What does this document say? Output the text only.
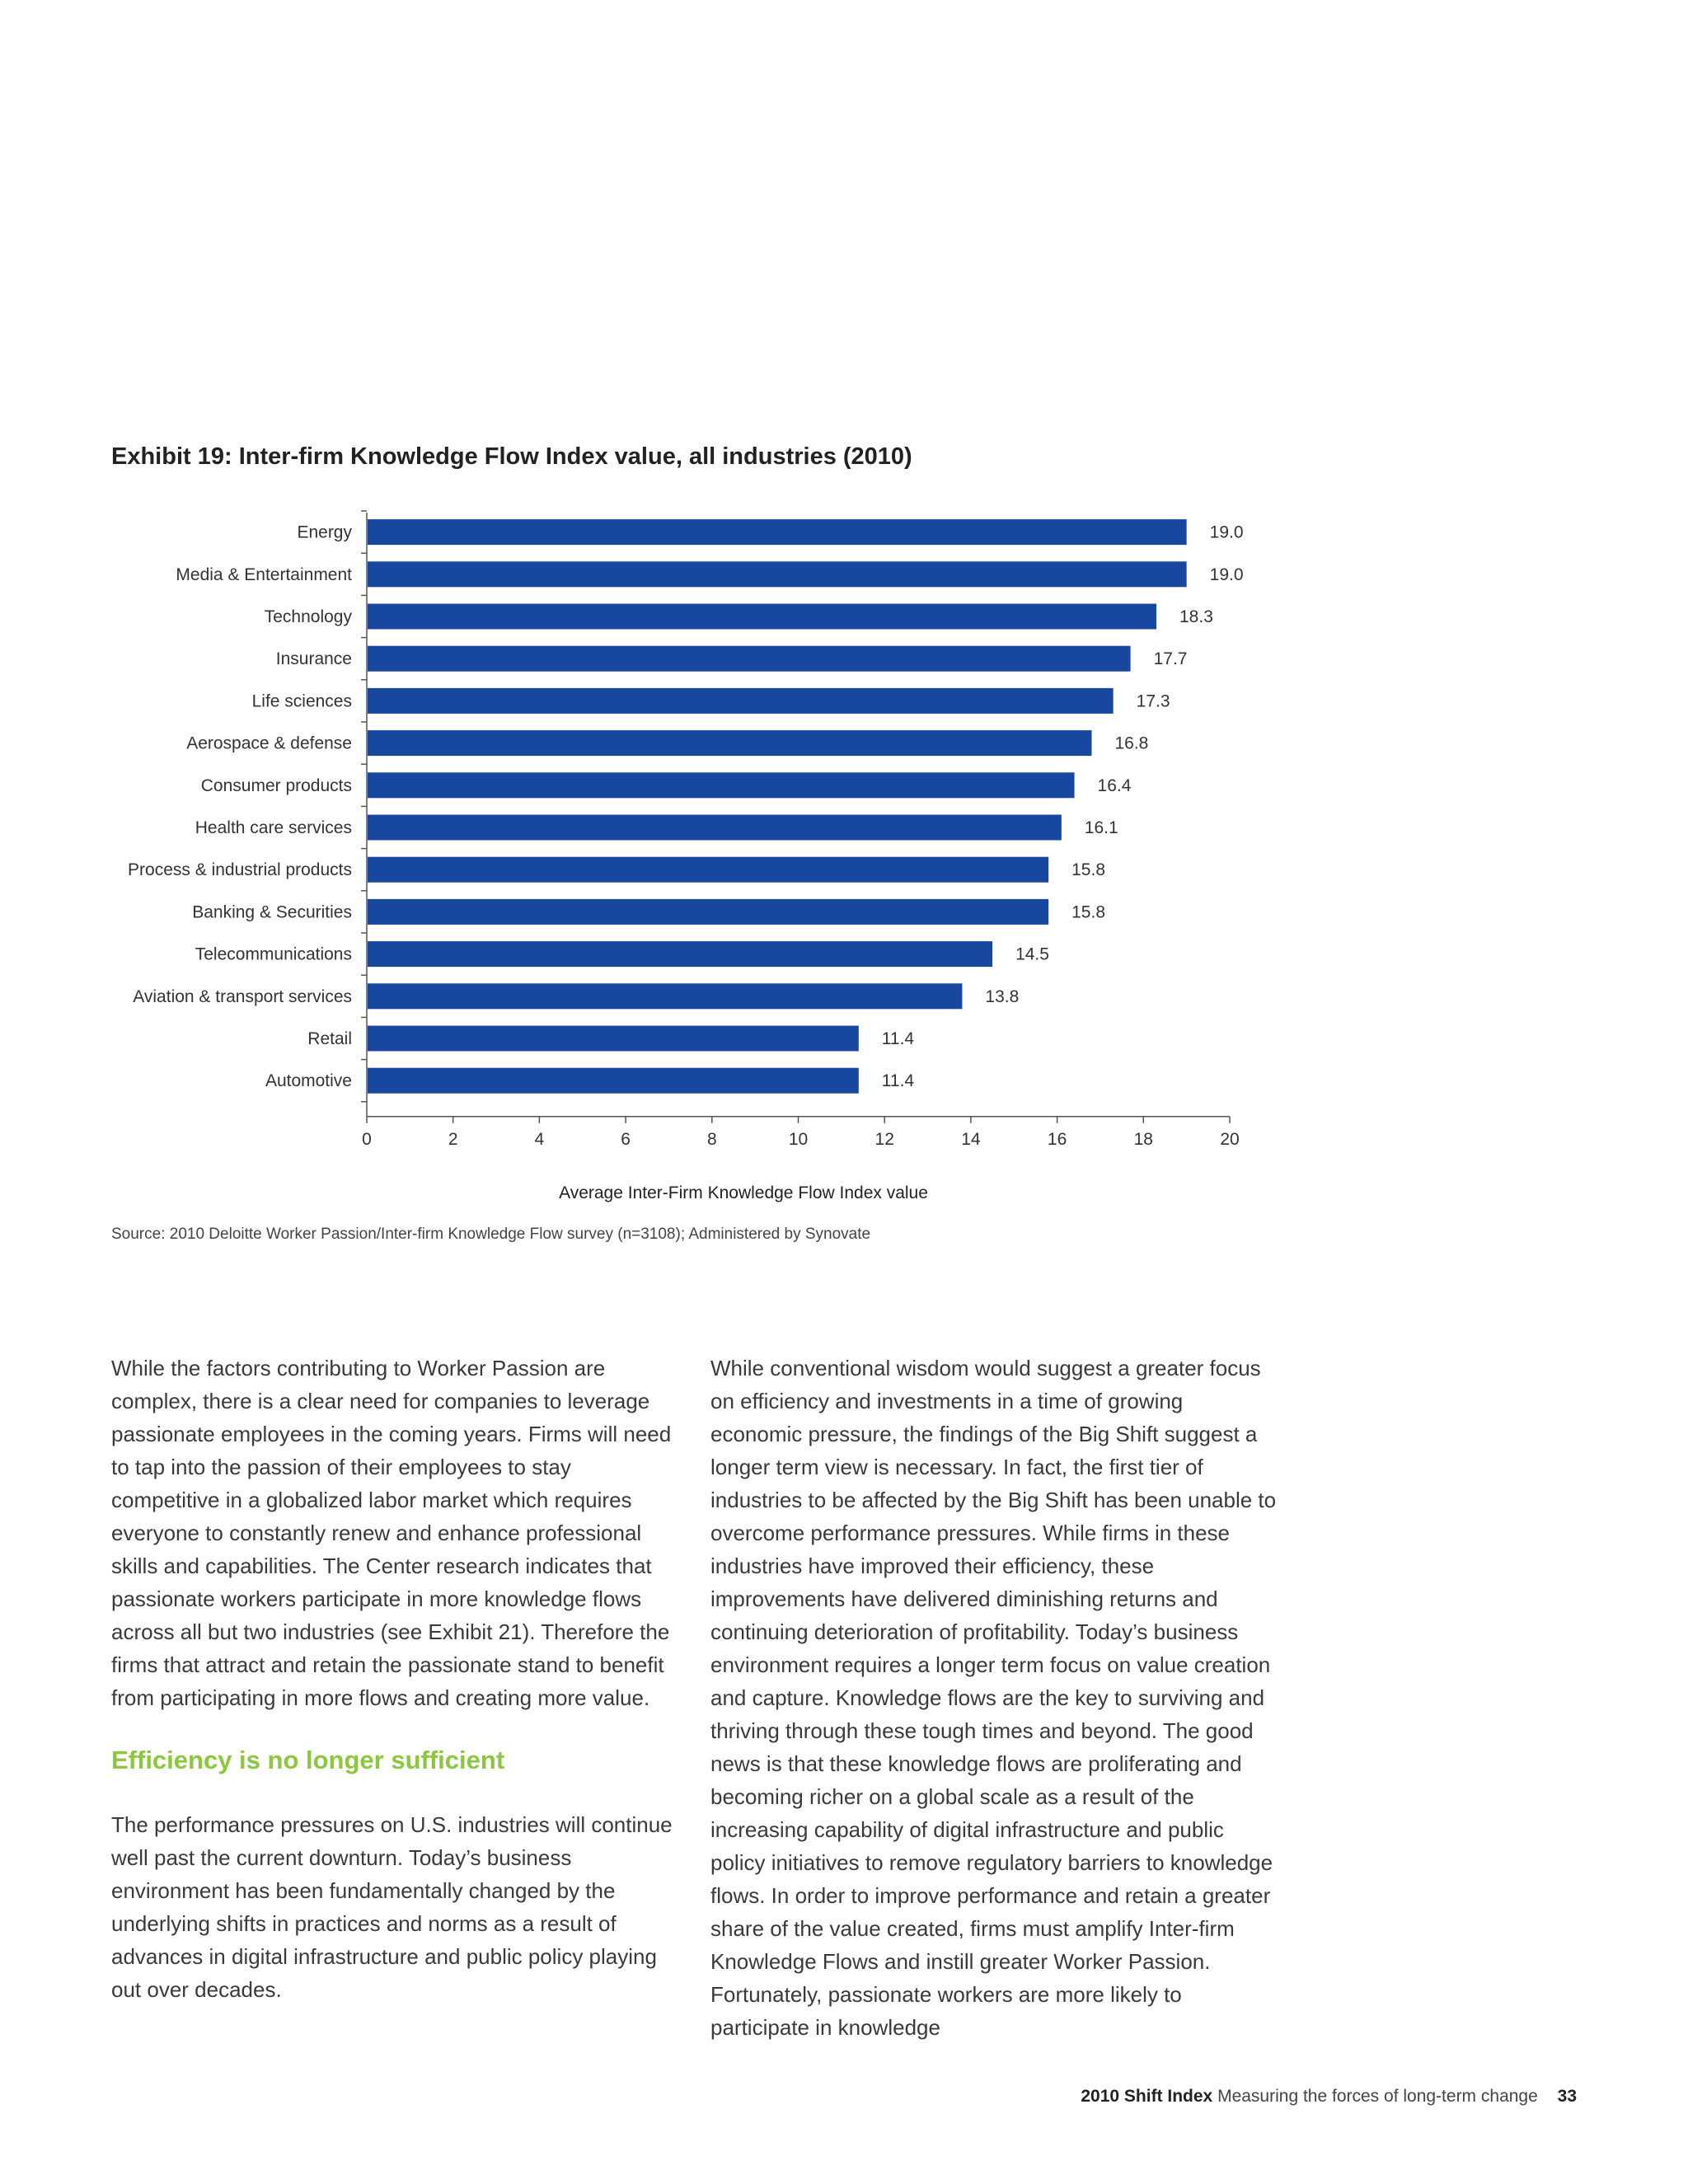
Exhibit 19: Inter-firm Knowledge Flow Index value, all industries (2010)
Energy	19.0
Media & Entertainment	19.0
Technology	18.3
Insurance	17.7
Life sciences	17.3
Aerospace & defense	16.8
Consumer products	16.4
Health care services	16.1
Process & industrial products	15.8
Banking & Securities	15.8
Telecommunications	14.5
Aviation & transport services	13.8
Retail	11.4
Automotive	11.4
0	2	4	6	8	10	12	14	16	18	20
Average Inter-Firm Knowledge Flow Index value

Source: 2010 Deloitte Worker Passion/Inter-firm Knowledge Flow survey (n=3108); Administered by Synovate

While the factors contributing to Worker Passion are complex, there is a clear need for companies to leverage passionate employees in the coming years. Firms will need to tap into the passion of their employees to stay competitive in a globalized labor market which requires everyone to constantly renew and enhance professional skills and capabilities. The Center research indicates that passionate workers participate in more knowledge flows across all but two industries (see Exhibit 21). Therefore the firms that attract and retain the passionate stand to benefit from participating in more flows and creating more value.

Efficiency is no longer sufficient

The performance pressures on U.S. industries will continue well past the current downturn. Today’s business environment has been fundamentally changed by the underlying shifts in practices and norms as a result of advances in digital infrastructure and public policy playing out over decades.

While conventional wisdom would suggest a greater focus on efficiency and investments in a time of growing economic pressure, the findings of the Big Shift suggest a longer term view is necessary. In fact, the first tier of industries to be affected by the Big Shift has been unable to overcome performance pressures. While firms in these industries have improved their efficiency, these improvements have delivered diminishing returns and continuing deterioration of profitability. Today’s business environment requires a longer term focus on value creation and capture. Knowledge flows are the key to surviving and thriving through these tough times and beyond. The good news is that these knowledge flows are proliferating and becoming richer on a global scale as a result of the increasing capability of digital infrastructure and public policy initiatives to remove regulatory barriers to knowledge flows. In order to improve performance and retain a greater share of the value created, firms must amplify Inter-firm Knowledge Flows and instill greater Worker Passion. Fortunately, passionate workers are more likely to participate in knowledge

2010 Shift Index Measuring the forces of long-term change 33
